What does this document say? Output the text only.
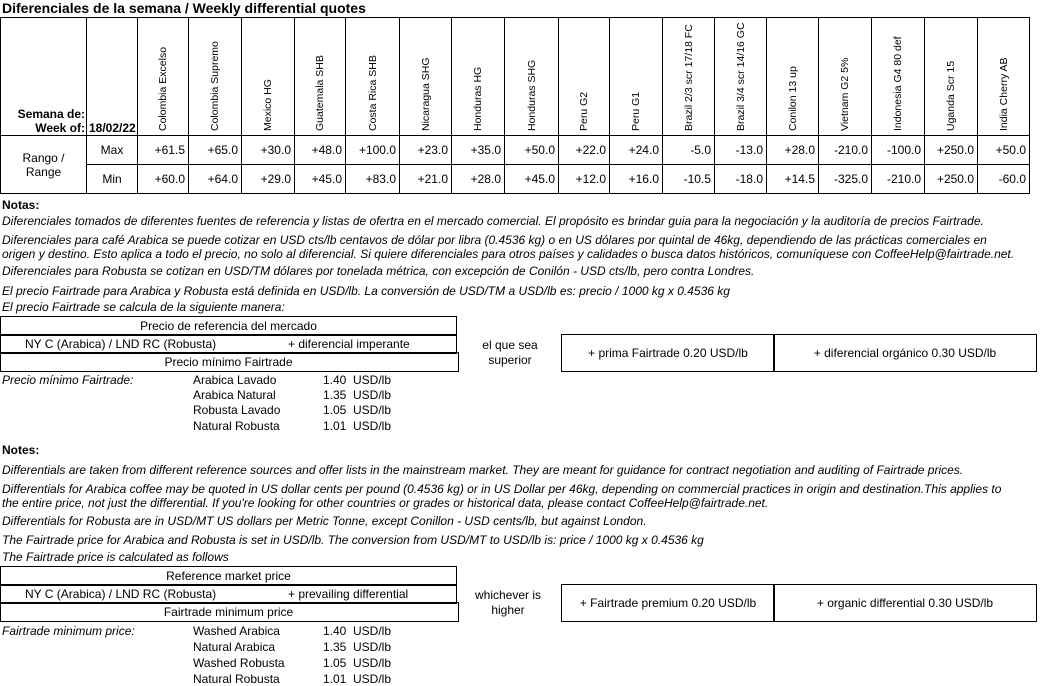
Diferenciales de la semana / Weekly differential quotes
Semana de:
Week of:	18/02/22	Colombia Excelso	Colombia Supremo	Mexico HG	Guatemala SHB	Costa Rica SHB	Nicaragua SHG	Honduras HG	Honduras SHG	Peru G2	Peru G1	Brazil 2/3 scr 17/18 FC	Brazil 3/4 scr 14/16 GC	Conilon 13 up	Vietnam G2 5%	Indonesia G4 80 def	Uganda Scr 15	India Cherry AB

Rango /
Range	Max	+61.5	+65.0	+30.0	+48.0	+100.0	+23.0	+35.0	+50.0	+22.0	+24.0	-5.0	-13.0	+28.0	-210.0	-100.0	+250.0	+50.0
	Min	+60.0	+64.0	+29.0	+45.0	+83.0	+21.0	+28.0	+45.0	+12.0	+16.0	-10.5	-18.0	+14.5	-325.0	-210.0	+250.0	-60.0
Notas:
Diferenciales tomados de diferentes fuentes de referencia y listas de ofertra en el mercado comercial. El propósito es brindar guia para la negociación y la auditoría de precios Fairtrade.
Diferenciales para café Arabica se puede cotizar en USD cts/lb centavos de dólar por libra (0.4536 kg) o en US dólares por quintal de 46kg, dependiendo de las prácticas comerciales en
origen y destino. Esto aplica a todo el precio, no solo al diferencial. Si quiere diferenciales para otros países y calidades o busca datos históricos, comuníquese con CoffeeHelp@fairtrade.net.
Diferenciales para Robusta se cotizan en USD/TM dólares por tonelada métrica, con excepción de Conilón - USD cts/lb, pero contra Londres.
El precio Fairtrade para Arabica y Robusta está definida en USD/lb. La conversión de USD/TM a USD/lb es: precio / 1000 kg x 0.4536 kg
El precio Fairtrade se calcula de la siguiente manera:
Precio de referencia del mercado
NY C (Arabica) / LND RC (Robusta)	+ diferencial imperante
Precio mínimo Fairtrade
el que sea
superior	+ prima Fairtrade 0.20 USD/lb	+ diferencial orgánico 0.30 USD/lb
Precio mínimo Fairtrade:	Arabica Lavado	1.40 USD/lb
Arabica Natural	1.35 USD/lb
Robusta Lavado	1.05 USD/lb
Natural Robusta	1.01 USD/lb
Notes:
Differentials are taken from different reference sources and offer lists in the mainstream market. They are meant for guidance for contract negotiation and auditing of Fairtrade prices.
Differentials for Arabica coffee may be quoted in US dollar cents per pound (0.4536 kg) or in US Dollar per 46kg, depending on commercial practices in origin and destination.This applies to
the entire price, not just the differential. If you're looking for other countries or grades or historical data, please contact CoffeeHelp@fairtrade.net.
Differentials for Robusta are in USD/MT US dollars per Metric Tonne, except Conillon - USD cents/lb, but against London.
The Fairtrade price for Arabica and Robusta is set in USD/lb. The conversion from USD/MT to USD/lb is: price / 1000 kg x 0.4536 kg
The Fairtrade price is calculated as follows
Reference market price
NY C (Arabica) / LND RC (Robusta)	+ prevailing differential
Fairtrade minimum price
whichever is
higher	+ Fairtrade premium 0.20 USD/lb	+ organic differential 0.30 USD/lb
Fairtrade minimum price:	Washed Arabica	1.40 USD/lb
Natural Arabica	1.35 USD/lb
Washed Robusta	1.05 USD/lb
Natural Robusta	1.01 USD/lb
